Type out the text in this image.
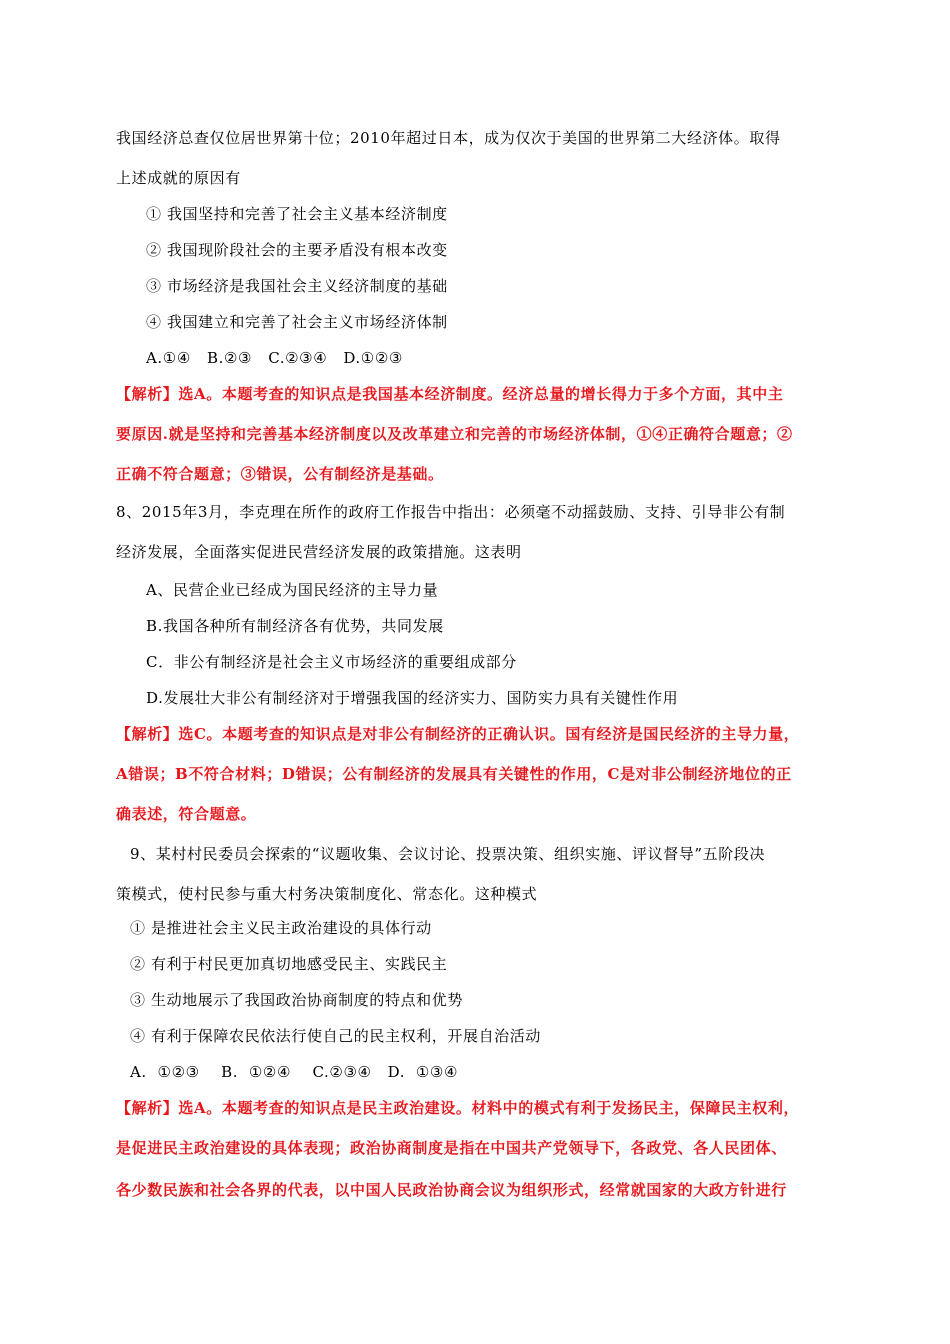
我国经济总查仅位居世界第十位；2010年超过日本，成为仅次于美国的世界第二大经济体。取得
上述成就的原因有
① 我国坚持和完善了社会主义基本经济制度
② 我国现阶段社会的主要矛盾没有根本改变
③ 市场经济是我国社会主义经济制度的基础
④ 我国建立和完善了社会主义市场经济体制
A.①④   B.②③   C.②③④   D.①②③
【解析】选A。本题考查的知识点是我国基本经济制度。经济总量的增长得力于多个方面，其中主
要原因.就是坚持和完善基本经济制度以及改革建立和完善的市场经济体制，①④正确符合题意；②
正确不符合题意；③错误，公有制经济是基础。
8、2015年3月，李克理在所作的政府工作报告中指出：必须毫不动摇鼓励、支持、引导非公有制
经济发展，全面落实促进民营经济发展的政策措施。这表明
A、民营企业已经成为国民经济的主导力量
B.我国各种所有制经济各有优势，共同发展
C．非公有制经济是社会主义市场经济的重要组成部分
D.发展壮大非公有制经济对于增强我国的经济实力、国防实力具有关键性作用
【解析】选C。本题考查的知识点是对非公有制经济的正确认识。国有经济是国民经济的主导力量，
A错误；B不符合材料；D错误；公有制经济的发展具有关键性的作用，C是对非公制经济地位的正
确表述，符合题意。
9、某村村民委员会探索的“议题收集、会议讨论、投票决策、组织实施、评议督导”五阶段决
策模式，使村民参与重大村务决策制度化、常态化。这种模式
① 是推进社会主义民主政治建设的具体行动
② 有利于村民更加真切地感受民主、实践民主
③ 生动地展示了我国政治协商制度的特点和优势
④ 有利于保障农民依法行使自己的民主权利，开展自治活动
A.  ①②③    B.  ①②④    C.②③④   D.  ①③④
【解析】选A。本题考查的知识点是民主政治建设。材料中的模式有利于发扬民主，保障民主权利，
是促进民主政治建设的具体表现；政治协商制度是指在中国共产党领导下，各政党、各人民团体、
各少数民族和社会各界的代表，以中国人民政治协商会议为组织形式，经常就国家的大政方针进行
